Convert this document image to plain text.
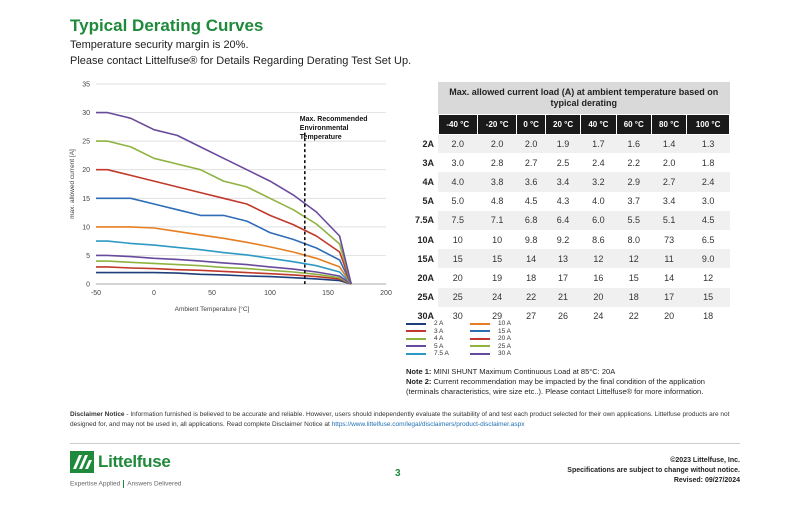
Typical Derating Curves
Temperature security margin is 20%.
Please contact Littelfuse® for Details Regarding Derating Test Set Up.
0
5
10
15
20
25
30
35
-50	0	50	100	150	200
Max. Recommended
Environmental
Temperature
Ambient Temperature [°C]
max. allowed current [A]
	Max. allowed current load (A) at ambient temperature based on typical derating							
	-40 °C	-20 °C	0 °C	20 °C	40 °C	60 °C	80 °C	100 °C
2A	2.0	2.0	2.0	1.9	1.7	1.6	1.4	1.3
3A	3.0	2.8	2.7	2.5	2.4	2.2	2.0	1.8
4A	4.0	3.8	3.6	3.4	3.2	2.9	2.7	2.4
5A	5.0	4.8	4.5	4.3	4.0	3.7	3.4	3.0
7.5A	7.5	7.1	6.8	6.4	6.0	5.5	5.1	4.5
10A	10	10	9.8	9.2	8.6	8.0	73	6.5
15A	15	15	14	13	12	12	11	9.0
20A	20	19	18	17	16	15	14	12
25A	25	24	22	21	20	18	17	15
30A	30	29	27	26	24	22	20	18
2 A
3 A
4 A
5 A
7.5 A
10 A
15 A
20 A
25 A
30 A
Note 1: MINI SHUNT Maximum Continuous Load at 85°C: 20A
Note 2: Current recommendation may be impacted by the final condition of the application
(terminals characteristics, wire size etc..). Please contact Littelfuse® for more information.
Disclaimer Notice - Information furnished is believed to be accurate and reliable. However, users should independently evaluate the suitability of and test each product selected for their own applications. Littelfuse products are not designed for, and may not be used in, all applications. Read complete Disclaimer Notice at https://www.littelfuse.com/legal/disclaimers/product-disclaimer.aspx
Littelfuse
Expertise Applied Answers Delivered
3
©2023 Littelfuse, Inc.
Specifications are subject to change without notice.
Revised: 09/27/2024
